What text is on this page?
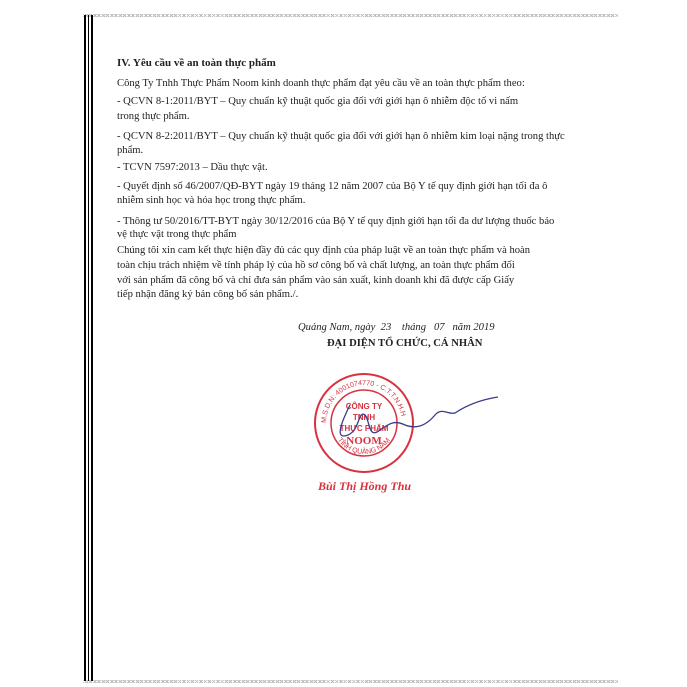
IV. Yêu cầu về an toàn thực phẩm
Công Ty Tnhh Thực Phẩm Noom kinh doanh thực phẩm đạt yêu cầu về an toàn thực phẩm theo:
- QCVN 8-1:2011/BYT – Quy chuẩn kỹ thuật quốc gia đối với giới hạn ô nhiễm độc tố vi nấm
trong thực phẩm.
- QCVN 8-2:2011/BYT – Quy chuẩn kỹ thuật quốc gia đối với giới hạn ô nhiễm kim loại nặng trong thực
phẩm.
- TCVN 7597:2013 – Dầu thực vật.
- Quyết định số 46/2007/QĐ-BYT ngày 19 tháng 12 năm 2007 của Bộ Y tế quy định giới hạn tối đa ô
nhiễm sinh học và hóa học trong thực phẩm.
- Thông tư 50/2016/TT-BYT ngày 30/12/2016 của Bộ Y tế quy định giới hạn tối đa dư lượng thuốc bảo
vệ thực vật trong thực phẩm
Chúng tôi xin cam kết thực hiện đầy đủ các quy định của pháp luật về an toàn thực phẩm và hoàn
toàn chịu trách nhiệm về tính pháp lý của hồ sơ công bố và chất lượng, an toàn thực phẩm đối
với sản phẩm đã công bố và chỉ đưa sản phẩm vào sản xuất, kinh doanh khi đã được cấp Giấy
tiếp nhận đăng ký bản công bố sản phẩm./.
Quảng Nam, ngày  23    tháng   07   năm 2019
ĐẠI DIỆN TỔ CHỨC, CÁ NHÂN
M.S.D.N: 4001074770 - C.T.T.N.H.H
TỈNH QUẢNG NAM
CÔNG TY
TNHH
THỰC PHẨM
NOOM
Bùi Thị Hồng Thu
